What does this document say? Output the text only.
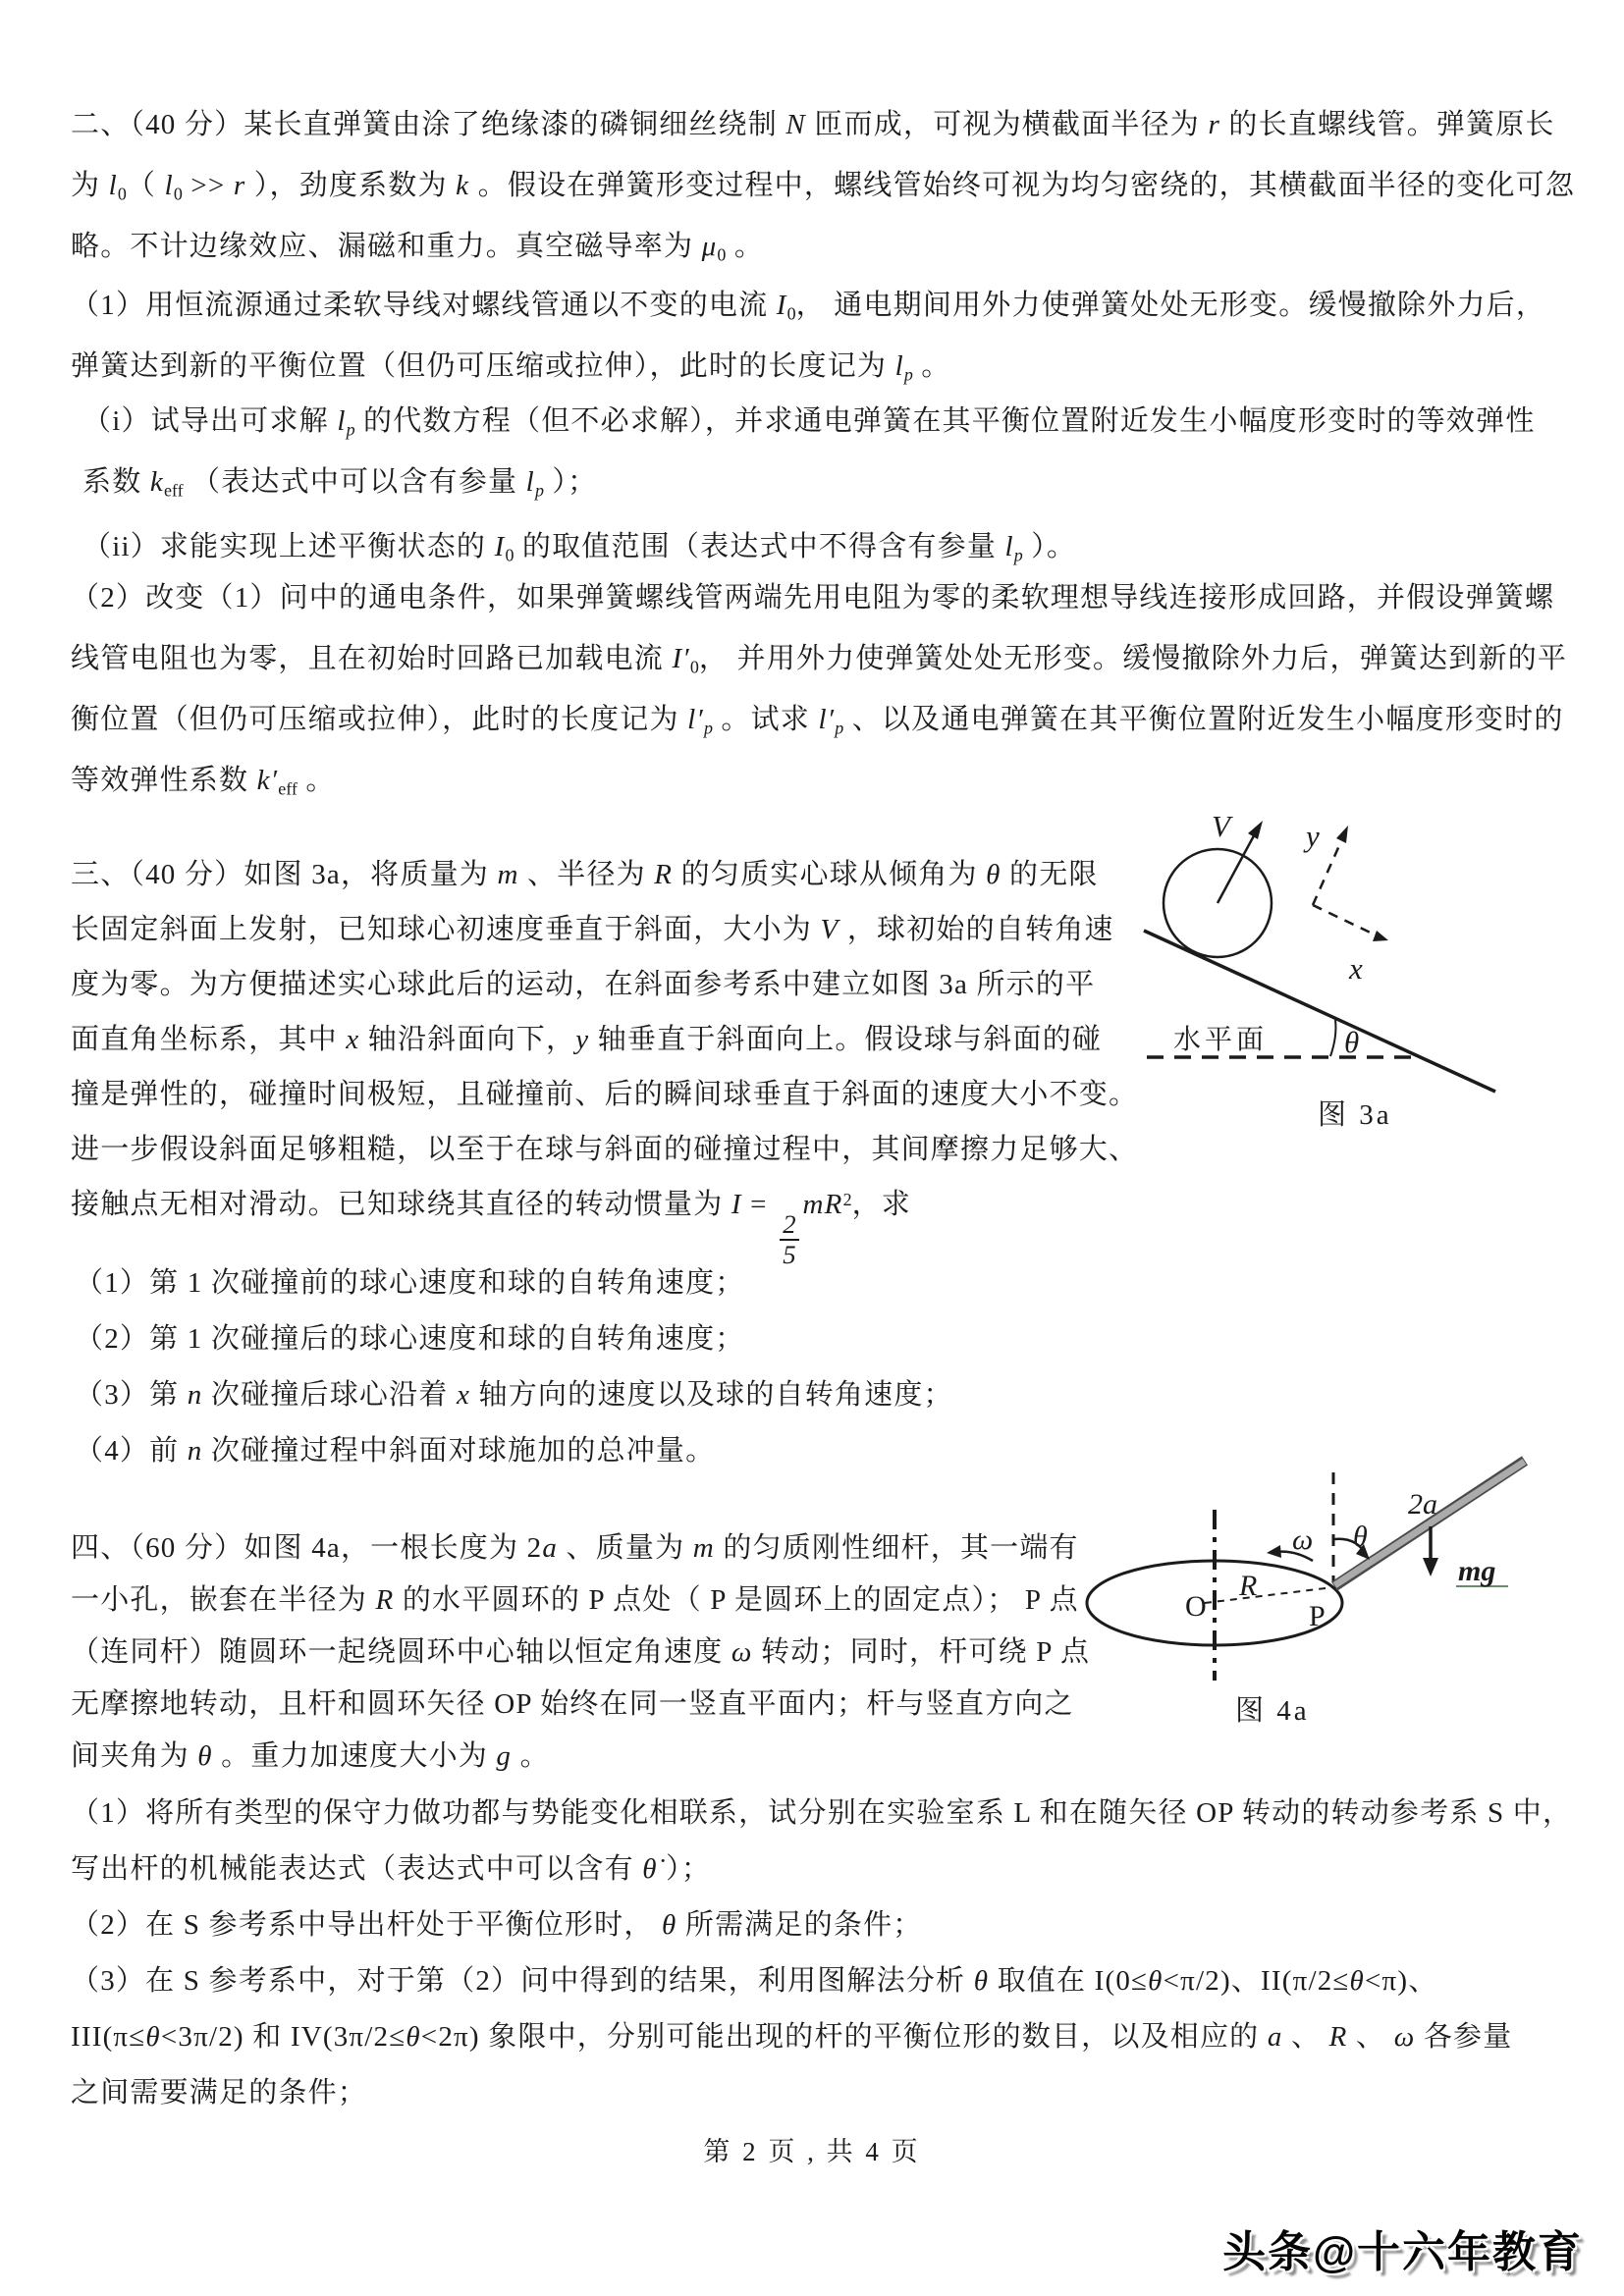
二、（40 分）某长直弹簧由涂了绝缘漆的磷铜细丝绕制 N 匝而成，可视为横截面半径为 r 的长直螺线管。弹簧原长
为 $l_0$（ $l_0 >> r$ ），劲度系数为 k 。假设在弹簧形变过程中，螺线管始终可视为均匀密绕的，其横截面半径的变化可忽
略。不计边缘效应、漏磁和重力。真空磁导率为 $\mu_0$ 。
（1）用恒流源通过柔软导线对螺线管通以不变的电流 $I_0$， 通电期间用外力使弹簧处处无形变。缓慢撤除外力后，
弹簧达到新的平衡位置（但仍可压缩或拉伸），此时的长度记为 $l_p$ 。
（i）试导出可求解 $l_p$ 的代数方程（但不必求解），并求通电弹簧在其平衡位置附近发生小幅度形变时的等效弹性
系数 $k_{eff}$ （表达式中可以含有参量 $l_p$ ）；
（ii）求能实现上述平衡状态的 $I_0$ 的取值范围（表达式中不得含有参量 $l_p$ ）。
（2）改变（1）问中的通电条件，如果弹簧螺线管两端先用电阻为零的柔软理想导线连接形成回路，并假设弹簧螺
线管电阻也为零，且在初始时回路已加载电流 $I'_0$， 并用外力使弹簧处处无形变。缓慢撤除外力后，弹簧达到新的平
衡位置（但仍可压缩或拉伸），此时的长度记为 $l'_p$ 。试求 $l'_p$ 、以及通电弹簧在其平衡位置附近发生小幅度形变时的
等效弹性系数 $k'_{eff}$ 。
三、（40 分）如图 3a，将质量为 m 、半径为 R 的匀质实心球从倾角为 θ 的无限
长固定斜面上发射，已知球心初速度垂直于斜面，大小为 V ，球初始的自转角速
度为零。为方便描述实心球此后的运动，在斜面参考系中建立如图 3a 所示的平
面直角坐标系，其中 x 轴沿斜面向下，y 轴垂直于斜面向上。假设球与斜面的碰
撞是弹性的，碰撞时间极短，且碰撞前、后的瞬间球垂直于斜面的速度大小不变。
进一步假设斜面足够粗糙，以至于在球与斜面的碰撞过程中，其间摩擦力足够大、
接触点无相对滑动。已知球绕其直径的转动惯量为 I =
$\frac{2}{5}$
$mR^2$，求
（1）第 1 次碰撞前的球心速度和球的自转角速度；
（2）第 1 次碰撞后的球心速度和球的自转角速度；
（3）第 n 次碰撞后球心沿着 x 轴方向的速度以及球的自转角速度；
（4）前 n 次碰撞过程中斜面对球施加的总冲量。
V y
x
θ
水平面
图 3a
四、（60 分）如图 4a，一根长度为 2a 、质量为 m 的匀质刚性细杆，其一端有
一小孔，嵌套在半径为 R 的水平圆环的 P 点处（ P 是圆环上的固定点）； P 点
（连同杆）随圆环一起绕圆环中心轴以恒定角速度 ω 转动；同时，杆可绕 P 点
无摩擦地转动，且杆和圆环矢径 OP 始终在同一竖直平面内；杆与竖直方向之
间夹角为 θ 。重力加速度大小为 g 。
（1）将所有类型的保守力做功都与势能变化相联系，试分别在实验室系 L 和在随矢径 OP 转动的转动参考系 S 中，
写出杆的机械能表达式（表达式中可以含有 θ̇ ）；
（2）在 S 参考系中导出杆处于平衡位形时， θ 所需满足的条件；
（3）在 S 参考系中，对于第（2）问中得到的结果，利用图解法分析 θ 取值在 I(0≤θ<π/2)、II(π/2≤θ<π)、
III(π≤θ<3π/2) 和 IV(3π/2≤θ<2π) 象限中，分别可能出现的杆的平衡位形的数目，以及相应的 a 、 R 、 ω 各参量
之间需要满足的条件；
O	P
R
ω θ
2a
mg
图 4a
第 2 页 , 共 4 页
头条@十六年教育
